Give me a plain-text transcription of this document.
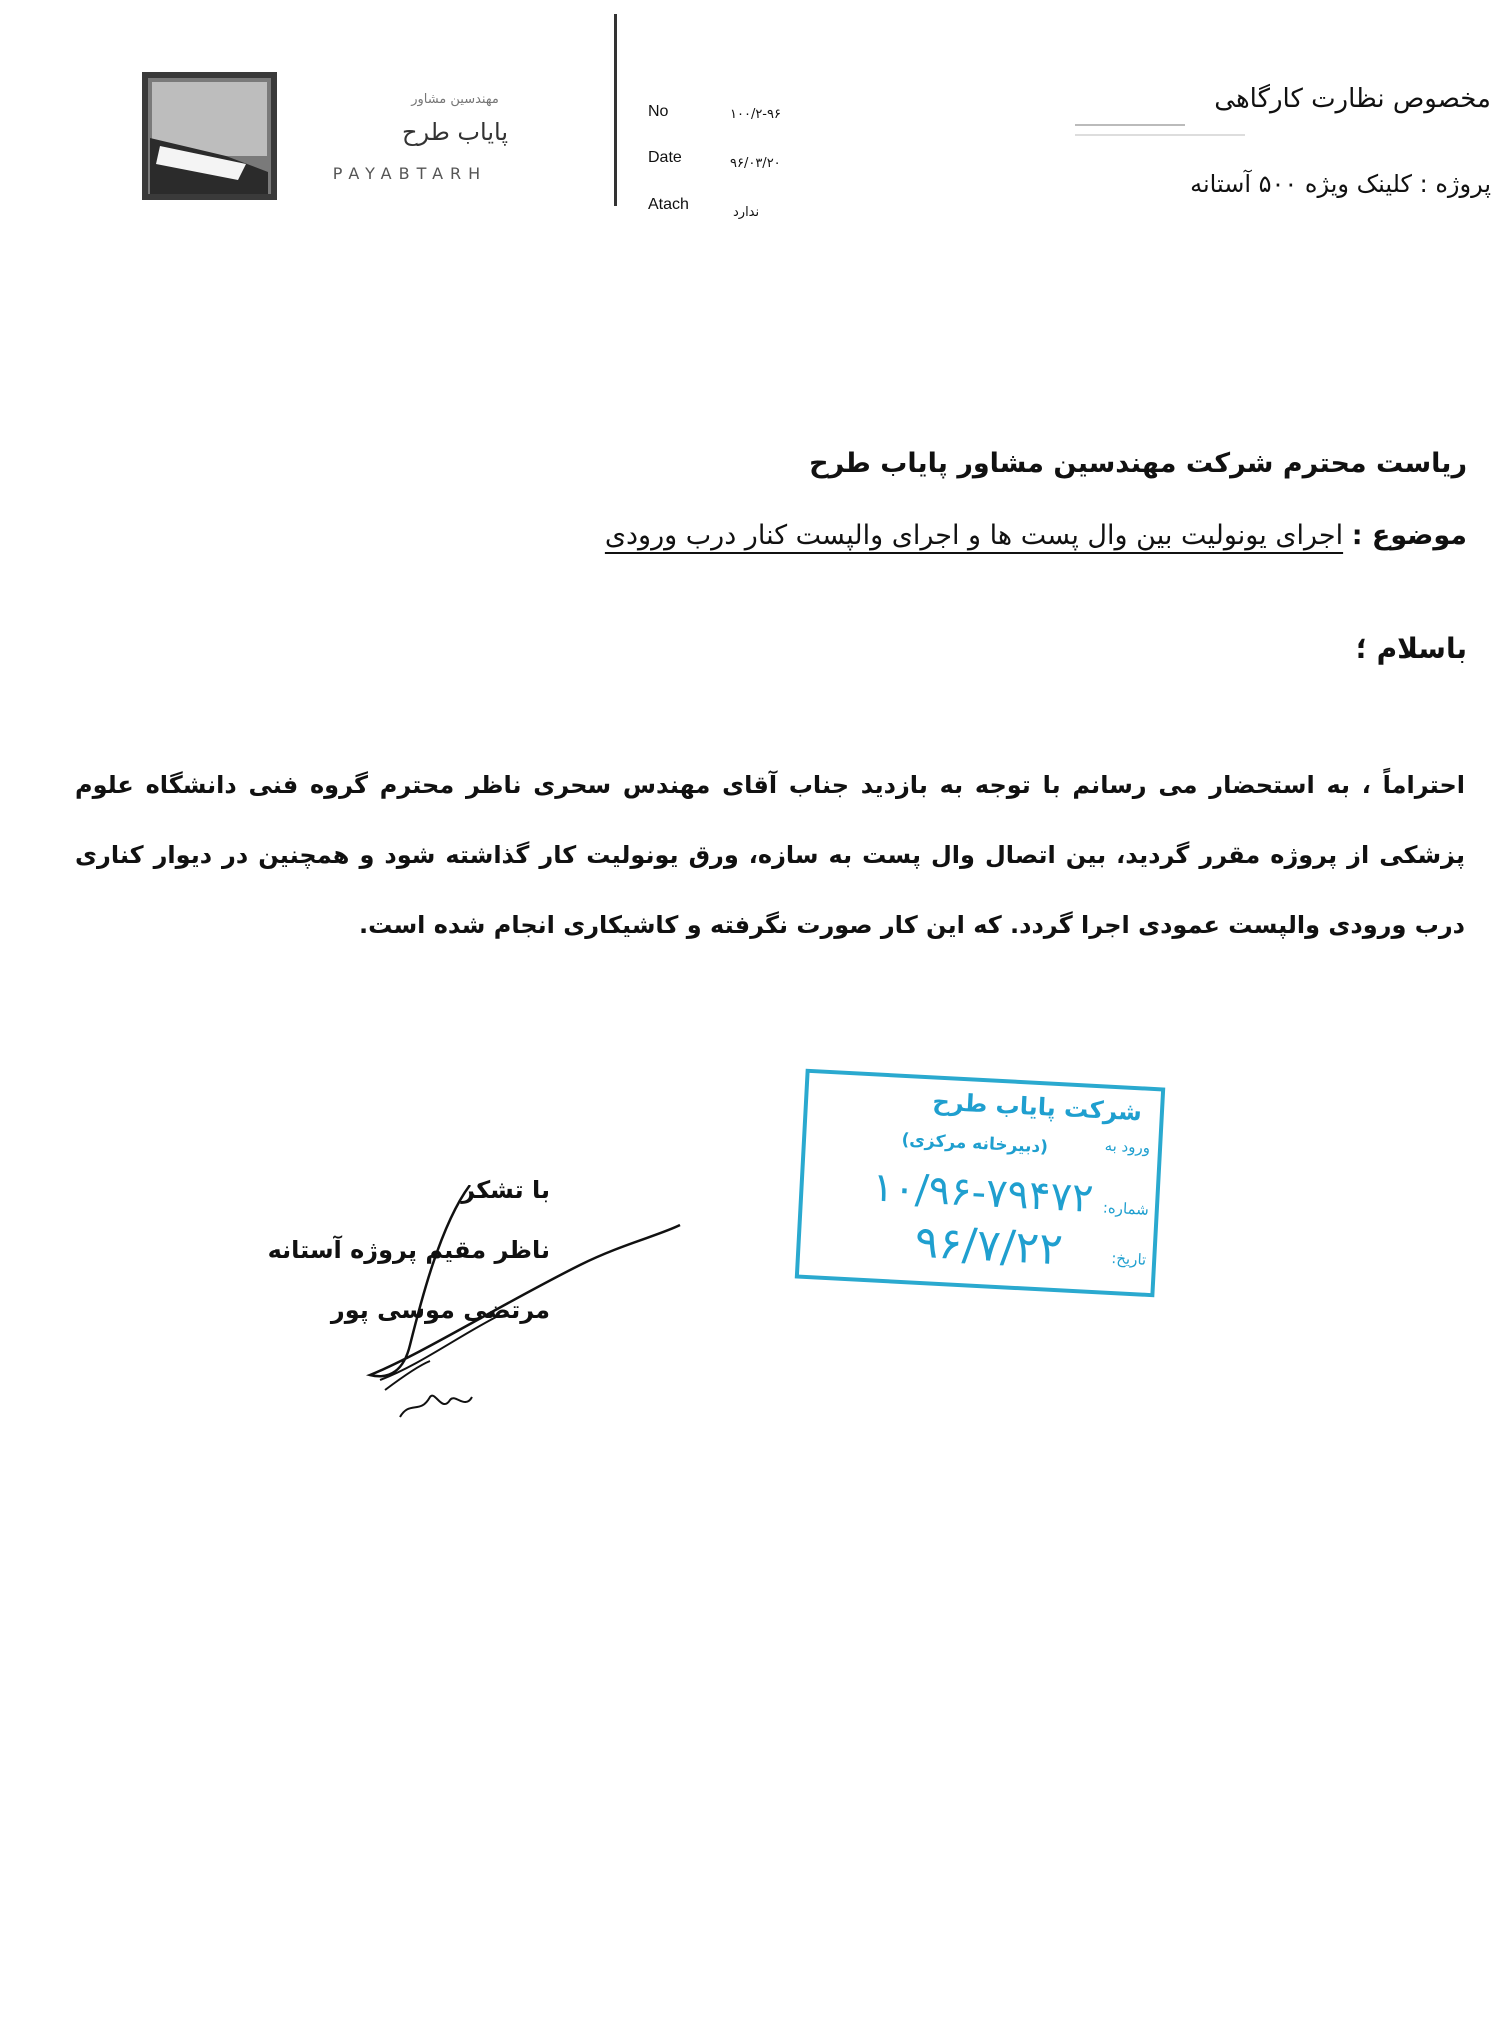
مهندسین مشاور
پایاب طرح
PAYABTARH
No	۱۰۰/۲-۹۶
Date	۹۶/۰۳/۲۰
Atach	ندارد
مخصوص نظارت کارگاهی
پروژه : کلینک ویژه ۵۰۰ آستانه
ریاست محترم شرکت مهندسین مشاور پایاب طرح
موضوع : اجرای یونولیت بین وال پست ها و اجرای والپست کنار درب ورودی
باسلام ؛
احتراماً ، به استحضار می رسانم با توجه به بازدید جناب آقای مهندس سحری ناظر محترم گروه فنی دانشگاه علوم پزشکی از پروژه مقرر گردید، بین اتصال وال پست به سازه، ورق یونولیت کار گذاشته شود و همچنین در دیوار کناری درب ورودی والپست عمودی اجرا گردد. که این کار صورت نگرفته و کاشیکاری انجام شده است.
با تشکر
ناظر مقیم پروژه آستانه
مرتضی موسی پور
شرکت پایاب طرح
ورود به
(دبیرخانه مرکزی)
شماره:
۱۰/۹۶-۷۹۴۷۲
تاریخ:
۹۶/۷/۲۲
